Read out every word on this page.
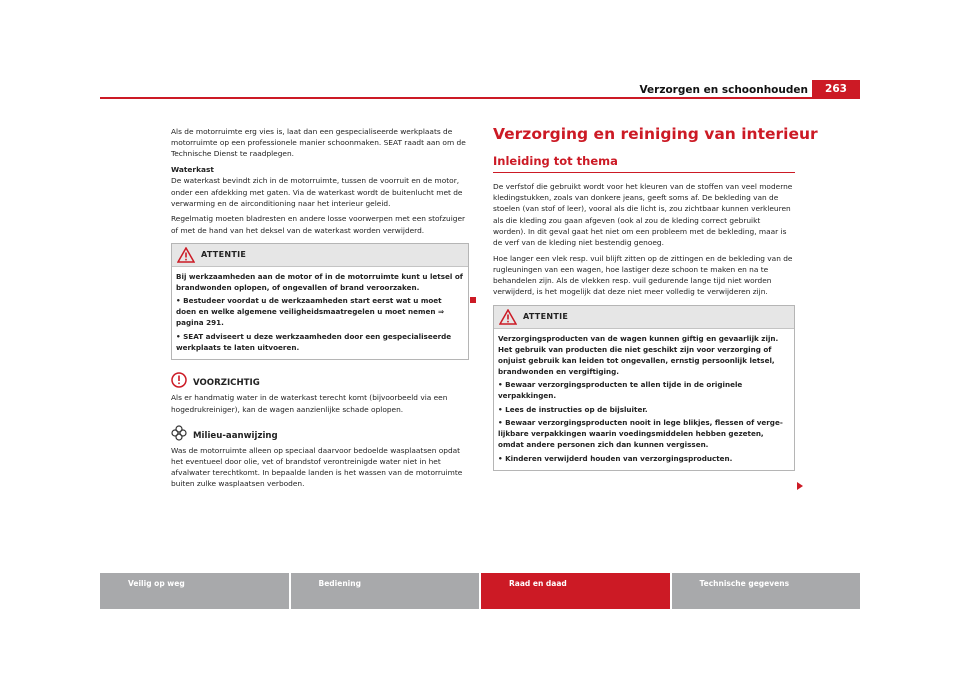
Verzorgen en schoonhouden	263

Als de motorruimte erg vies is, laat dan een gespecialiseerde werkplaats de motorruimte op een professionele manier schoonmaken. SEAT raadt aan om de Technische Dienst te raadplegen.

Waterkast

De waterkast bevindt zich in de motorruimte, tussen de voorruit en de motor, onder een afdekking met gaten. Via de waterkast wordt de buitenlucht met de verwarming en de airconditioning naar het interieur geleid.

Regelmatig moeten bladresten en andere losse voorwerpen met een stofzuiger of met de hand van het deksel van de waterkast worden verwijderd.

ATTENTIE

Bij werkzaamheden aan de motor of in de motorruimte kunt u letsel of brandwonden oplopen, of ongevallen of brand veroorzaken.

• Bestudeer voordat u de werkzaamheden start eerst wat u moet doen en welke algemene veiligheidsmaatregelen u moet nemen ⇒ pagina 291.

• SEAT adviseert u deze werkzaamheden door een gespecialiseerde werkplaats te laten uitvoeren.

VOORZICHTIG

Als er handmatig water in de waterkast terecht komt (bijvoorbeeld via een hogedrukreiniger), kan de wagen aanzienlijke schade oplopen.

Milieu-aanwijzing

Was de motorruimte alleen op speciaal daarvoor bedoelde wasplaatsen opdat het eventueel door olie, vet of brandstof verontreinigde water niet in het afvalwater terechtkomt. In bepaalde landen is het wassen van de motorruimte buiten zulke wasplaatsen verboden.

Verzorging en reiniging van interieur
Inleiding tot thema

De verfstof die gebruikt wordt voor het kleuren van de stoffen van veel moderne kledingstukken, zoals van donkere jeans, geeft soms af. De bekleding van de stoelen (van stof of leer), vooral als die licht is, zou zichtbaar kunnen verkleuren als die kleding zou gaan afgeven (ook al zou de kleding correct gebruikt worden). In dit geval gaat het niet om een probleem met de bekleding, maar is de verf van de kleding niet bestendig genoeg.

Hoe langer een vlek resp. vuil blijft zitten op de zittingen en de bekleding van de rugleuningen van een wagen, hoe lastiger deze schoon te maken en na te behandelen zijn. Als de vlekken resp. vuil gedurende lange tijd niet worden verwijderd, is het mogelijk dat deze niet meer volledig te verwijderen zijn.

ATTENTIE

Verzorgingsproducten van de wagen kunnen giftig en gevaarlijk zijn. Het gebruik van producten die niet geschikt zijn voor verzorging of onjuist gebruik kan leiden tot ongevallen, ernstig persoonlijk letsel, brandwonden en vergiftiging.

• Bewaar verzorgingsproducten te allen tijde in de originele verpakkingen.

• Lees de instructies op de bijsluiter.

• Bewaar verzorgingsproducten nooit in lege blikjes, flessen of verge-lijkbare verpakkingen waarin voedingsmiddelen hebben gezeten, omdat andere personen zich dan kunnen vergissen.

• Kinderen verwijderd houden van verzorgingsproducten.

Veilig op weg	Bediening	Raad en daad	Technische gegevens
